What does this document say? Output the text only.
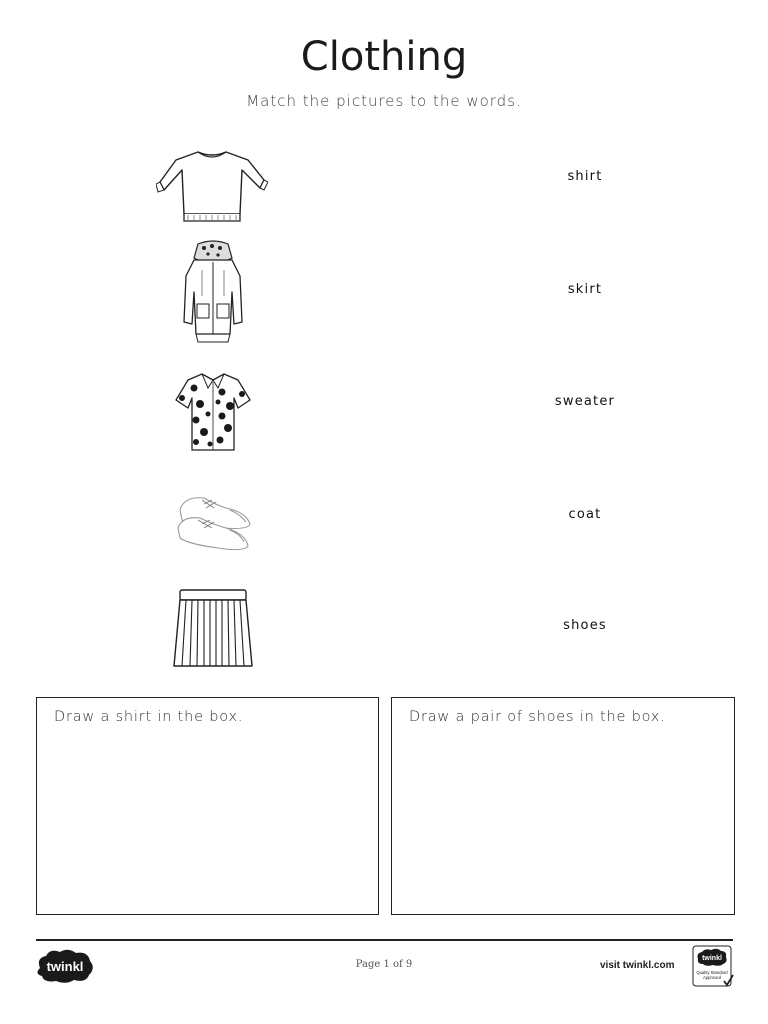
Clothing
Match the pictures to the words.
shirt
skirt
sweater
coat
shoes
Draw a shirt in the box.	Draw a pair of shoes in the box.
twinkl	Page 1 of 9	visit twinkl.com
twinkl
Quality Standard
Approved
